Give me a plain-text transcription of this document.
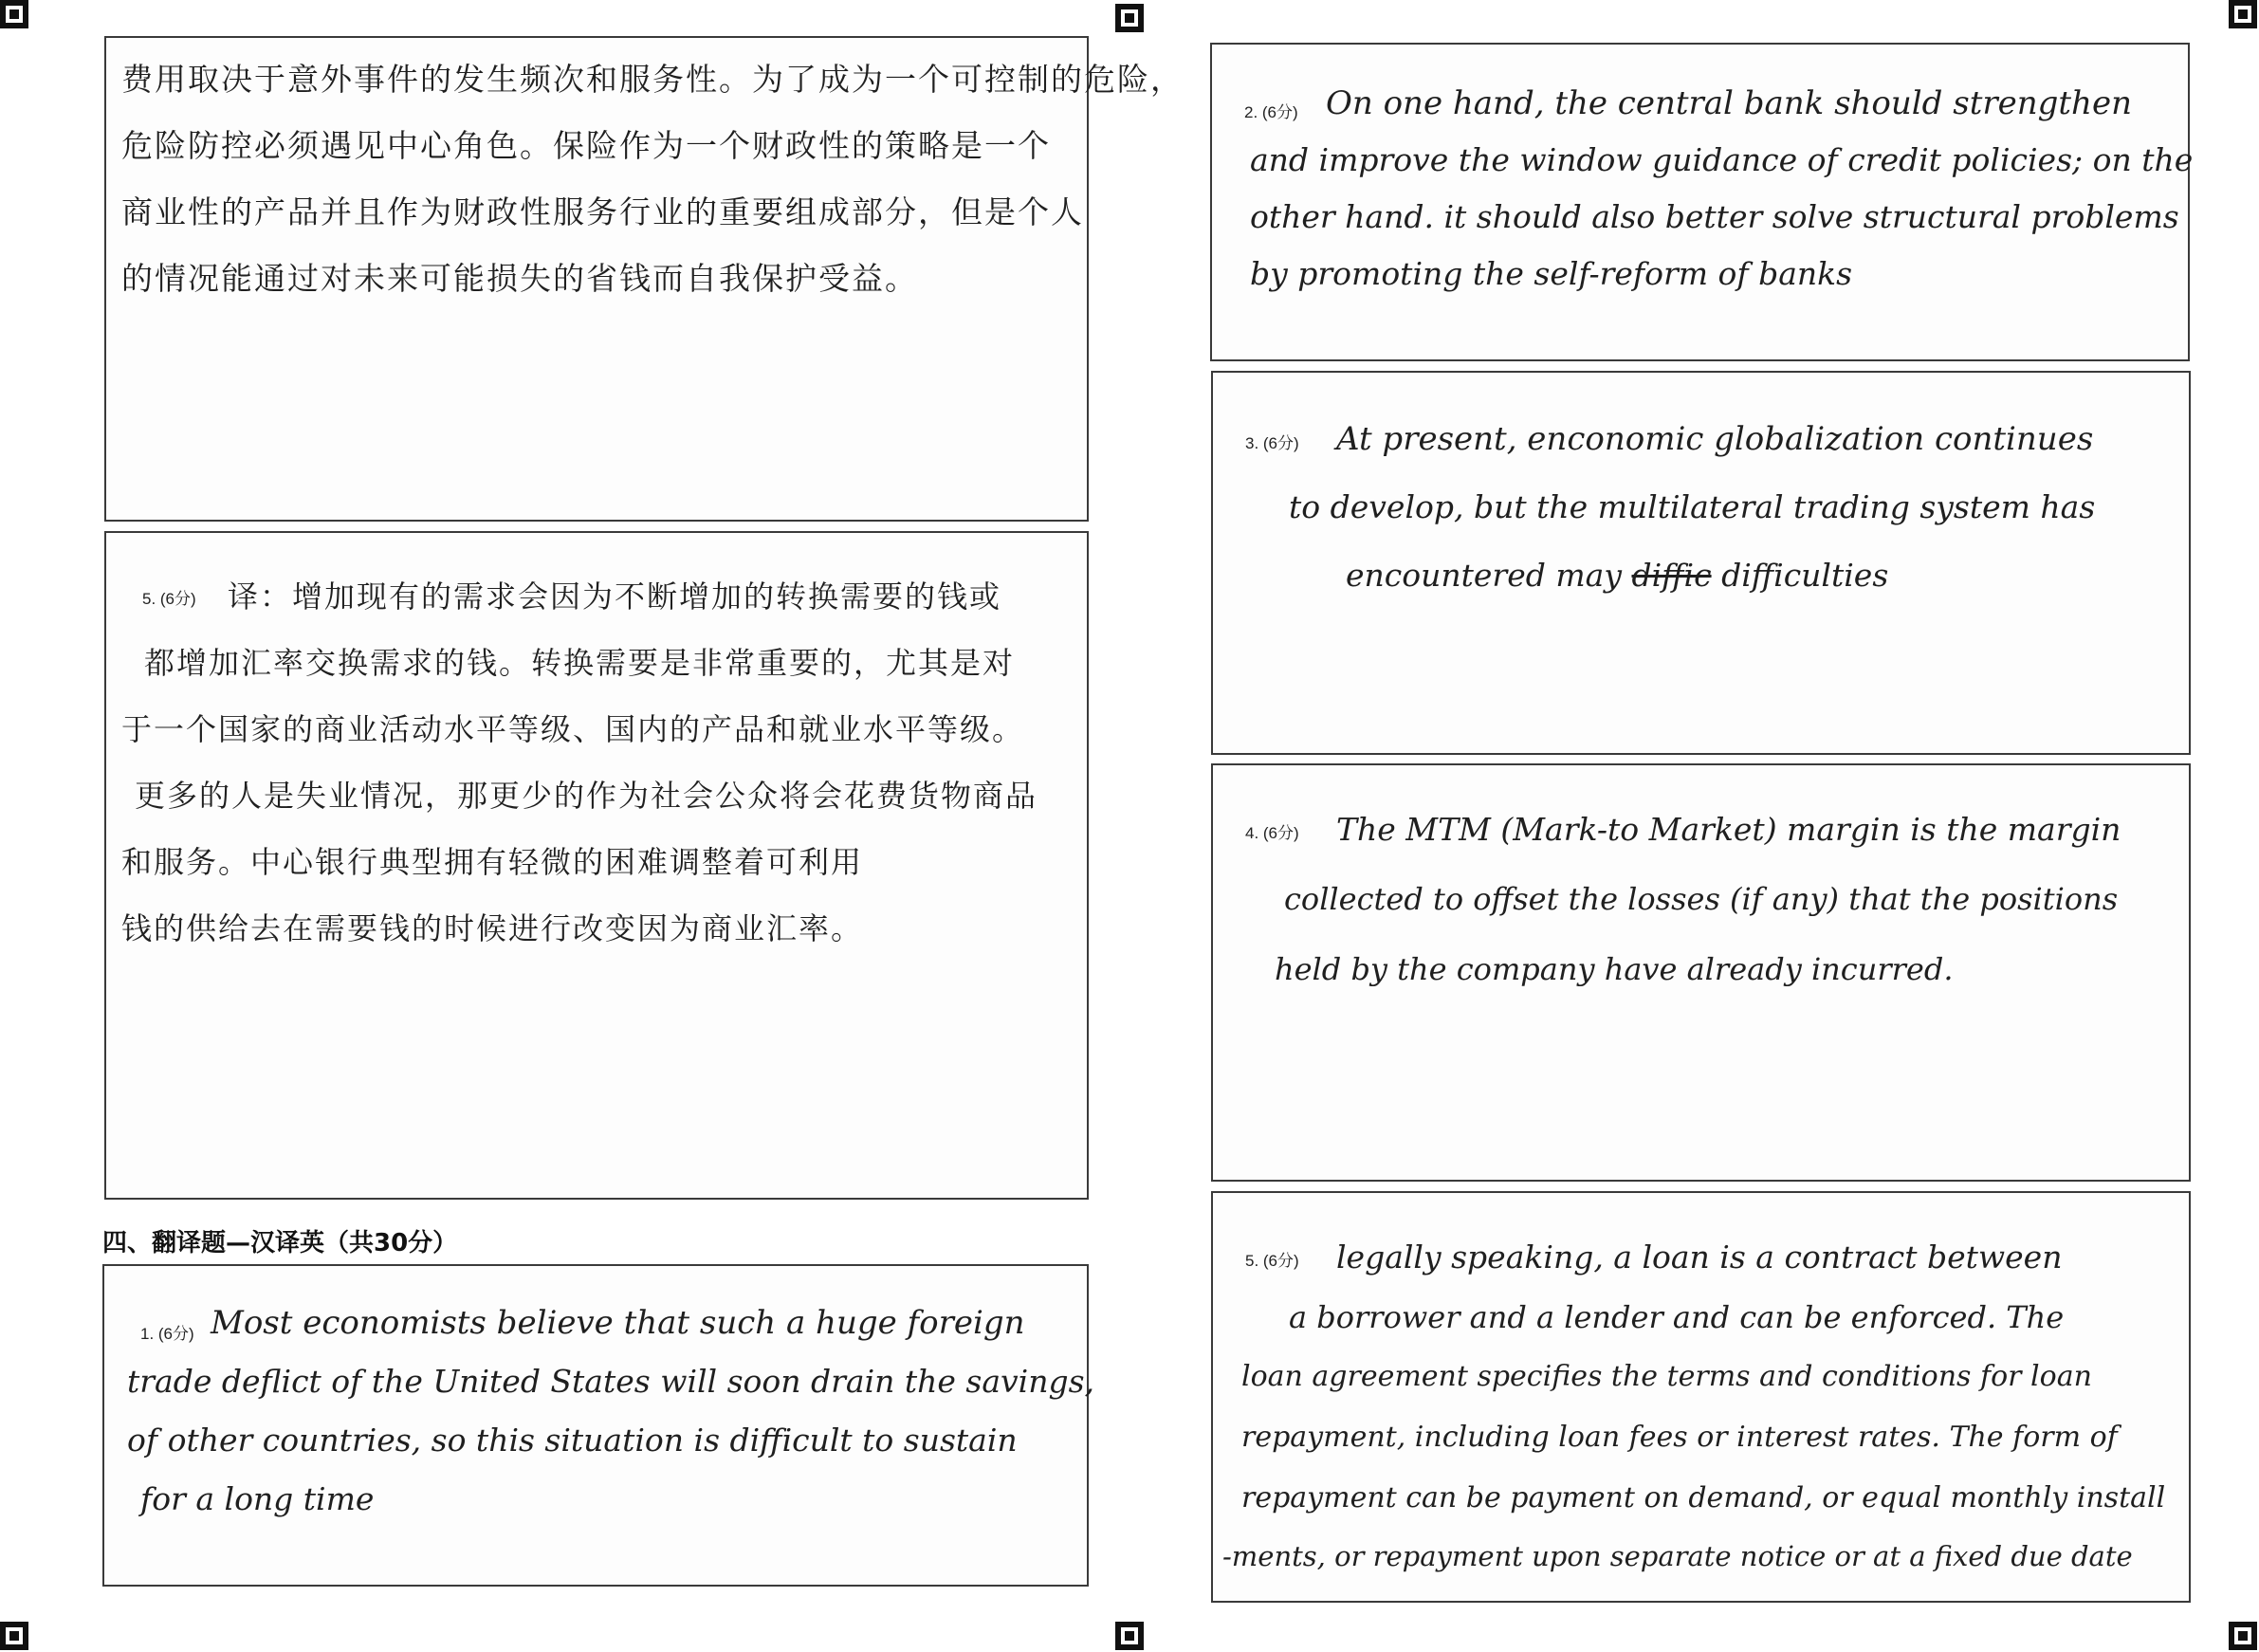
费用取决于意外事件的发生频次和服务性。为了成为一个可控制的危险，
危险防控必须遇见中心角色。保险作为一个财政性的策略是一个
商业性的产品并且作为财政性服务行业的重要组成部分，但是个人
的情况能通过对未来可能损失的省钱而自我保护受益。
5. (6分) 译：增加现有的需求会因为不断增加的转换需要的钱或
都增加汇率交换需求的钱。转换需要是非常重要的，尤其是对
于一个国家的商业活动水平等级、国内的产品和就业水平等级。
更多的人是失业情况，那更少的作为社会公众将会花费货物商品
和服务。中心银行典型拥有轻微的困难调整着可利用
钱的供给去在需要钱的时候进行改变因为商业汇率。
四、翻译题—汉译英（共30分）
1. (6分) Most economists believe that such a huge foreign
trade deflict of the United States will soon drain the savings,
of other countries, so this situation is difficult to sustain
for a long time
2. (6分) On one hand, the central bank should strengthen
and improve the window guidance of credit policies; on the
other hand. it should also better solve structural problems
by promoting the self-reform of banks
3. (6分) At present, enconomic globalization continues
to develop, but the multilateral trading system has
encountered may diffic difficulties
4. (6分) The MTM (Mark-to Market) margin is the margin
collected to offset the losses (if any) that the positions
held by the company have already incurred.
5. (6分) legally speaking, a loan is a contract between
a borrower and a lender and can be enforced. The
loan agreement specifies the terms and conditions for loan
repayment, including loan fees or interest rates. The form of
repayment can be payment on demand, or equal monthly install
-ments, or repayment upon separate notice or at a fixed due date
